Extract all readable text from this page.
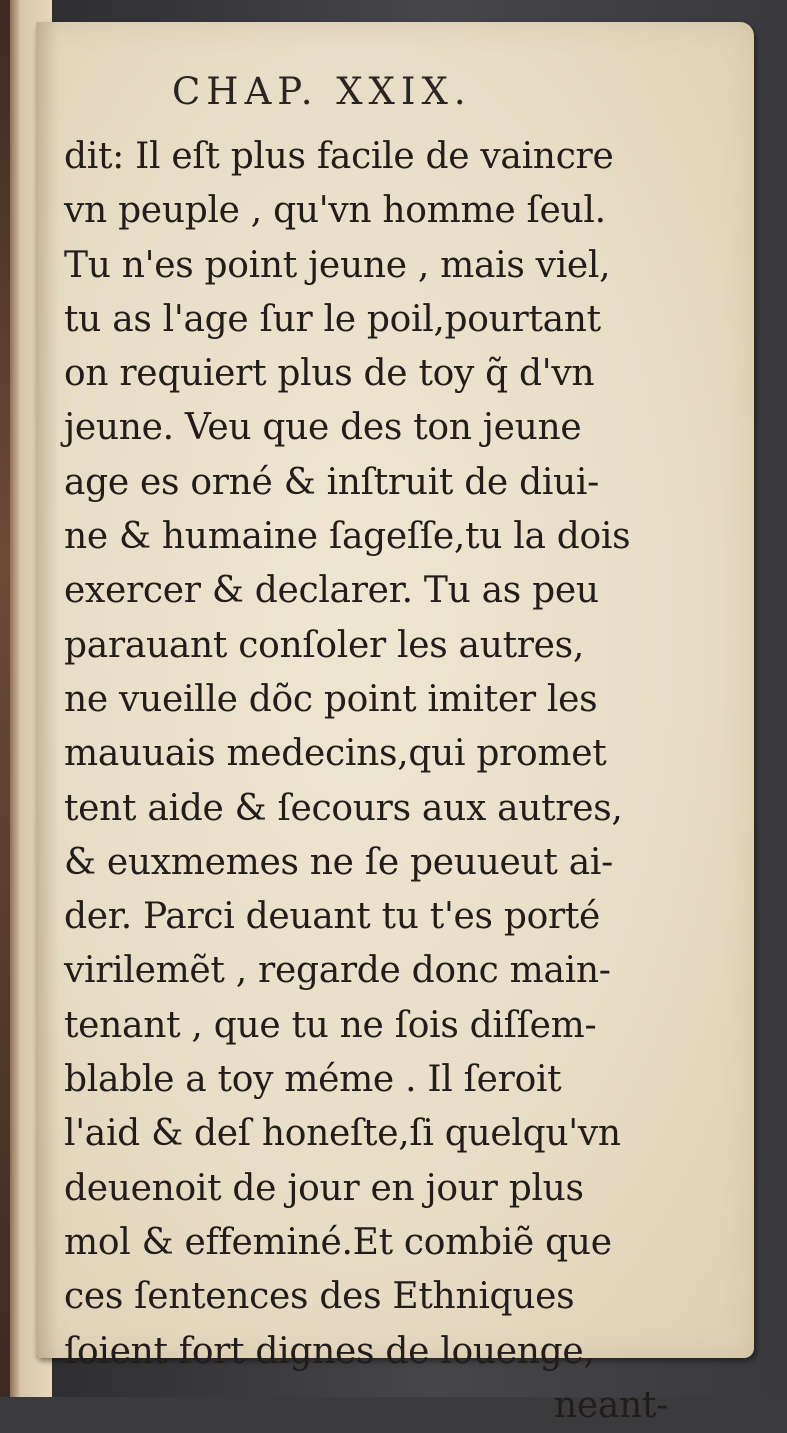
CHAP. XXIX.
dit: Il eſt plus facile de vaincre
vn peuple , qu'vn homme ſeul.
Tu n'es point jeune , mais viel,
tu as l'age ſur le poil,pourtant
on requiert plus de toy q̃ d'vn
jeune. Veu que des ton jeune
age es orné & inſtruit de diui-
ne & humaine ſageſſe,tu la dois
exercer & declarer. Tu as peu
parauant conſoler les autres,
ne vueille dõc point imiter les
mauuais medecins,qui promet
tent aide & ſecours aux autres,
& euxmemes ne ſe peuueut ai-
der. Parci deuant tu t'es porté
virilemẽt , regarde donc main-
tenant , que tu ne ſois diſſem-
blable a toy méme . Il ſeroit
l'aid & deſ honeſte,ſi quelqu'vn
deuenoit de jour en jour plus
mol & effeminé.Et combiẽ que
ces ſentences des Ethniques
ſoient fort dignes de louenge,
neant-
